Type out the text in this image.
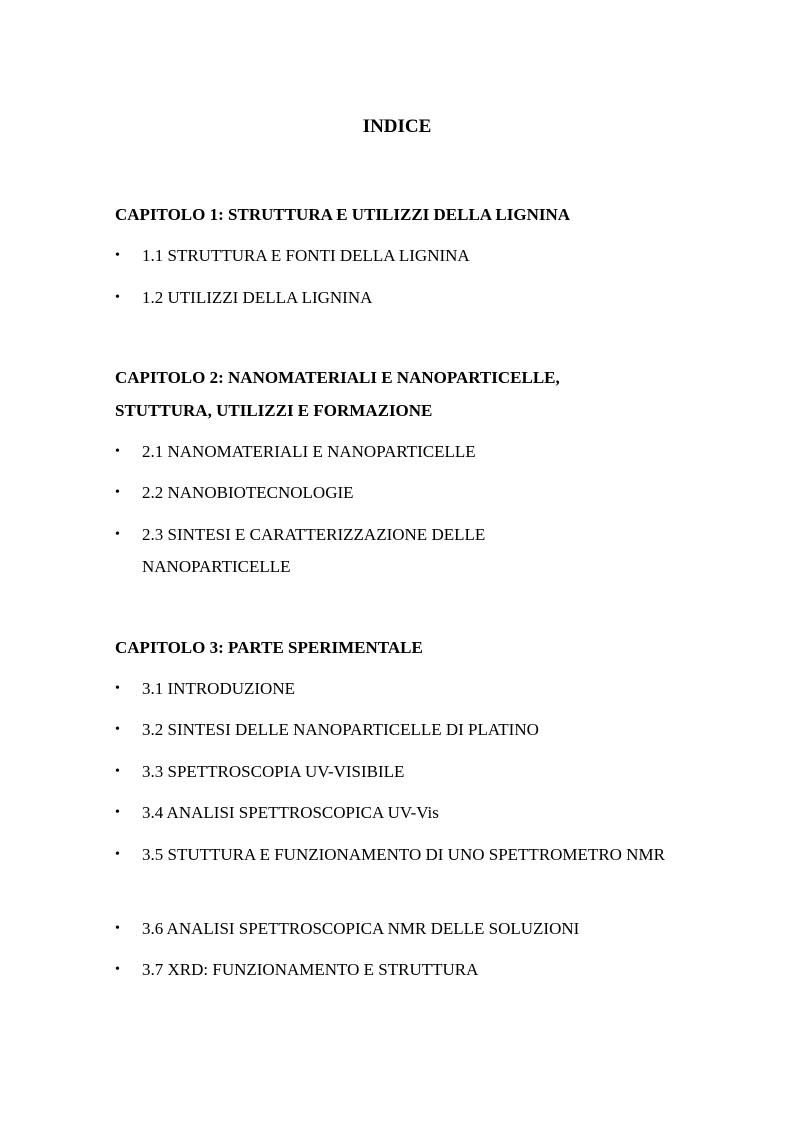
INDICE
CAPITOLO 1: STRUTTURA E UTILIZZI DELLA LIGNINA
• 1.1 STRUTTURA E FONTI DELLA LIGNINA
• 1.2 UTILIZZI DELLA LIGNINA
CAPITOLO 2: NANOMATERIALI E NANOPARTICELLE,
STUTTURA, UTILIZZI E FORMAZIONE
• 2.1 NANOMATERIALI E NANOPARTICELLE
• 2.2 NANOBIOTECNOLOGIE
• 2.3 SINTESI E CARATTERIZZAZIONE DELLE NANOPARTICELLE
CAPITOLO 3: PARTE SPERIMENTALE
• 3.1 INTRODUZIONE
• 3.2 SINTESI DELLE NANOPARTICELLE DI PLATINO
• 3.3 SPETTROSCOPIA UV-VISIBILE
• 3.4 ANALISI SPETTROSCOPICA UV-Vis
• 3.5 STUTTURA E FUNZIONAMENTO DI UNO SPETTROMETRO NMR
• 3.6 ANALISI SPETTROSCOPICA NMR DELLE SOLUZIONI
• 3.7 XRD: FUNZIONAMENTO E STRUTTURA
